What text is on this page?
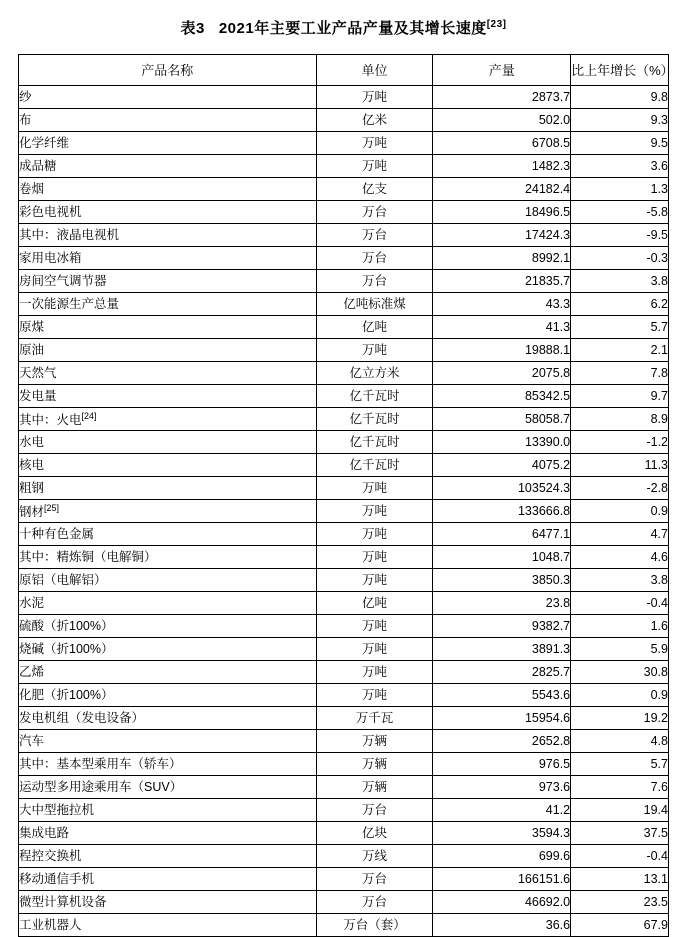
表3 2021年主要工业产品产量及其增长速度[23]
产品名称	单位	产量	比上年增长（%）
纱	万吨	2873.7	9.8
布	亿米	502.0	9.3
化学纤维	万吨	6708.5	9.5
成品糖	万吨	1482.3	3.6
卷烟	亿支	24182.4	1.3
彩色电视机	万台	18496.5	-5.8
其中：液晶电视机	万台	17424.3	-9.5
家用电冰箱	万台	8992.1	-0.3
房间空气调节器	万台	21835.7	3.8
一次能源生产总量	亿吨标准煤	43.3	6.2
原煤	亿吨	41.3	5.7
原油	万吨	19888.1	2.1
天然气	亿立方米	2075.8	7.8
发电量	亿千瓦时	85342.5	9.7
其中：火电[24]	亿千瓦时	58058.7	8.9
水电	亿千瓦时	13390.0	-1.2
核电	亿千瓦时	4075.2	11.3
粗钢	万吨	103524.3	-2.8
钢材[25]	万吨	133666.8	0.9
十种有色金属	万吨	6477.1	4.7
其中：精炼铜（电解铜）	万吨	1048.7	4.6
原铝（电解铝）	万吨	3850.3	3.8
水泥	亿吨	23.8	-0.4
硫酸（折100%）	万吨	9382.7	1.6
烧碱（折100%）	万吨	3891.3	5.9
乙烯	万吨	2825.7	30.8
化肥（折100%）	万吨	5543.6	0.9
发电机组（发电设备）	万千瓦	15954.6	19.2
汽车	万辆	2652.8	4.8
其中：基本型乘用车（轿车）	万辆	976.5	5.7
运动型多用途乘用车（SUV）	万辆	973.6	7.6
大中型拖拉机	万台	41.2	19.4
集成电路	亿块	3594.3	37.5
程控交换机	万线	699.6	-0.4
移动通信手机	万台	166151.6	13.1
微型计算机设备	万台	46692.0	23.5
工业机器人	万台（套）	36.6	67.9
